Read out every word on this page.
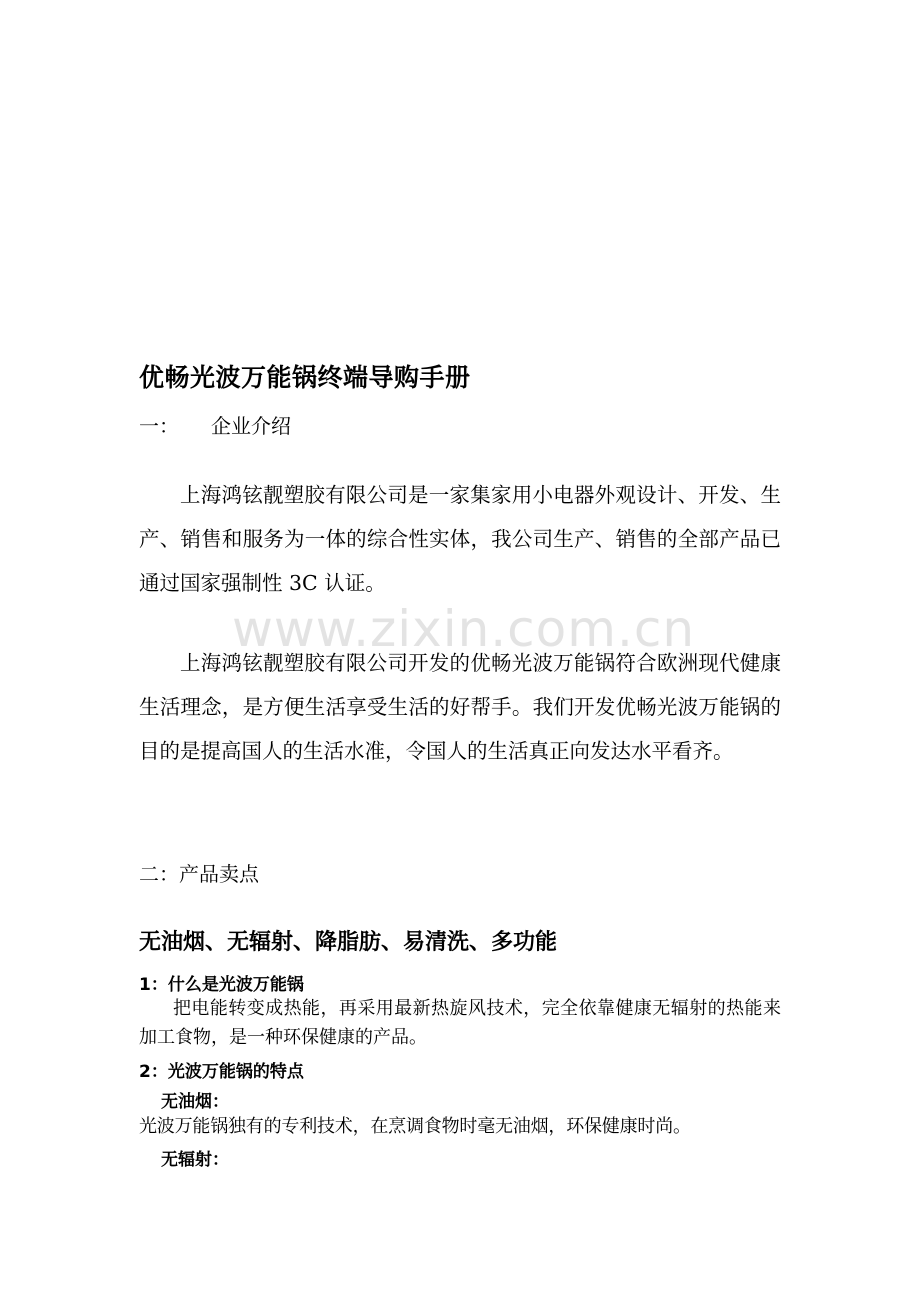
www.zixin.com.cn
优畅光波万能锅终端导购手册
一： 企业介绍
上海鸿铉靓塑胶有限公司是一家集家用小电器外观设计、开发、生产、销售和服务为一体的综合性实体，我公司生产、销售的全部产品已通过国家强制性 3C 认证。
上海鸿铉靓塑胶有限公司开发的优畅光波万能锅符合欧洲现代健康生活理念，是方便生活享受生活的好帮手。我们开发优畅光波万能锅的目的是提高国人的生活水准，令国人的生活真正向发达水平看齐。
二：产品卖点
无油烟、无辐射、降脂肪、易清洗、多功能
1：什么是光波万能锅
把电能转变成热能，再采用最新热旋风技术，完全依靠健康无辐射的热能来加工食物，是一种环保健康的产品。
2：光波万能锅的特点
无油烟：
光波万能锅独有的专利技术，在烹调食物时毫无油烟，环保健康时尚。
无辐射：
